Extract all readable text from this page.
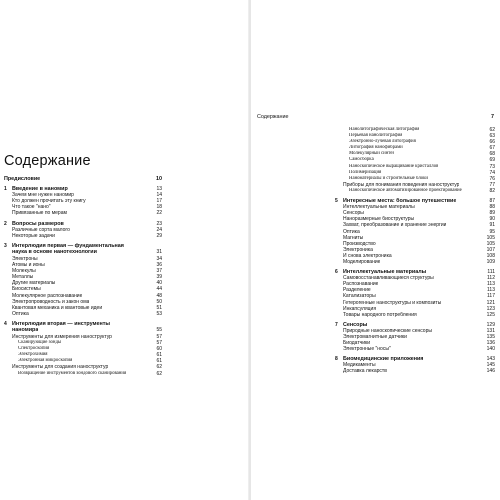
Содержание
Предисловие	10
1 Введение в наномир	13
Зачем мне нужен наномир	14
Кто должен прочитать эту книгу	17
Что такое "нано"	18
Привязанные по мерам	22
2 Вопросы размеров	23
Различные сорта малого	24
Некоторые задачи	29
3 Интерлюдия первая — фундаментальная
наука в основе нанотехнологии	31
Электроны	34
Атомы и ионы	36
Молекулы	37
Металлы	39
Другие материалы	40
Биосистемы	44
Молекулярное распознавание	48
Электропроводность и закон ома	50
Квантовая механика и квантовые идеи	51
Оптика	53
4 Интерлюдия вторая — инструменты
наномира	55
Инструменты для измерения наноструктур	57
Сканирующие зонды	57
Спектроскопия	60
Электрохимия	61
Электронная микроскопия	61
Инструменты для создания наноструктур	62
Возвращение инструментов зондового сканирования	62
Содержание	7
Нанолитографическая литография	62
Перьевая нанолитография	63
Электронно-лучевая литография	66
Литография нанофибрами	67
Молекулярный синтез	68
Самосборка	69
Наноскопическое выращивание кристаллов	73
Полимеризация	74
Наноматериалы и строительные блоки	76
Приборы для понимания поведения наноструктур	77
Наноскопическое автоматизированное проектирование	82
5 Интересные места: большое путешествие	87
Интеллектуальные материалы	88
Сенсоры	89
Наноразмерные биоструктуры	90
Захват, преобразование и хранение энергии	91
Оптика	95
Магниты	105
Производство	105
Электроника	107
И снова электроника	108
Моделирование	109
6 Интеллектуальные материалы	111
Самовосстанавливающиеся структуры	112
Распознавание	113
Разделение	113
Катализаторы	117
Гетерогенные наноструктуры и композиты	121
Инкапсуляция	123
Товары народного потребления	125
7 Сенсоры	129
Природные наноскопические сенсоры	131
Электромагнитные датчики	135
Биодатчики	136
Электронные "носы"	140
8 Биомедицинские приложения	143
Медикаменты	145
Доставка лекарств	146
